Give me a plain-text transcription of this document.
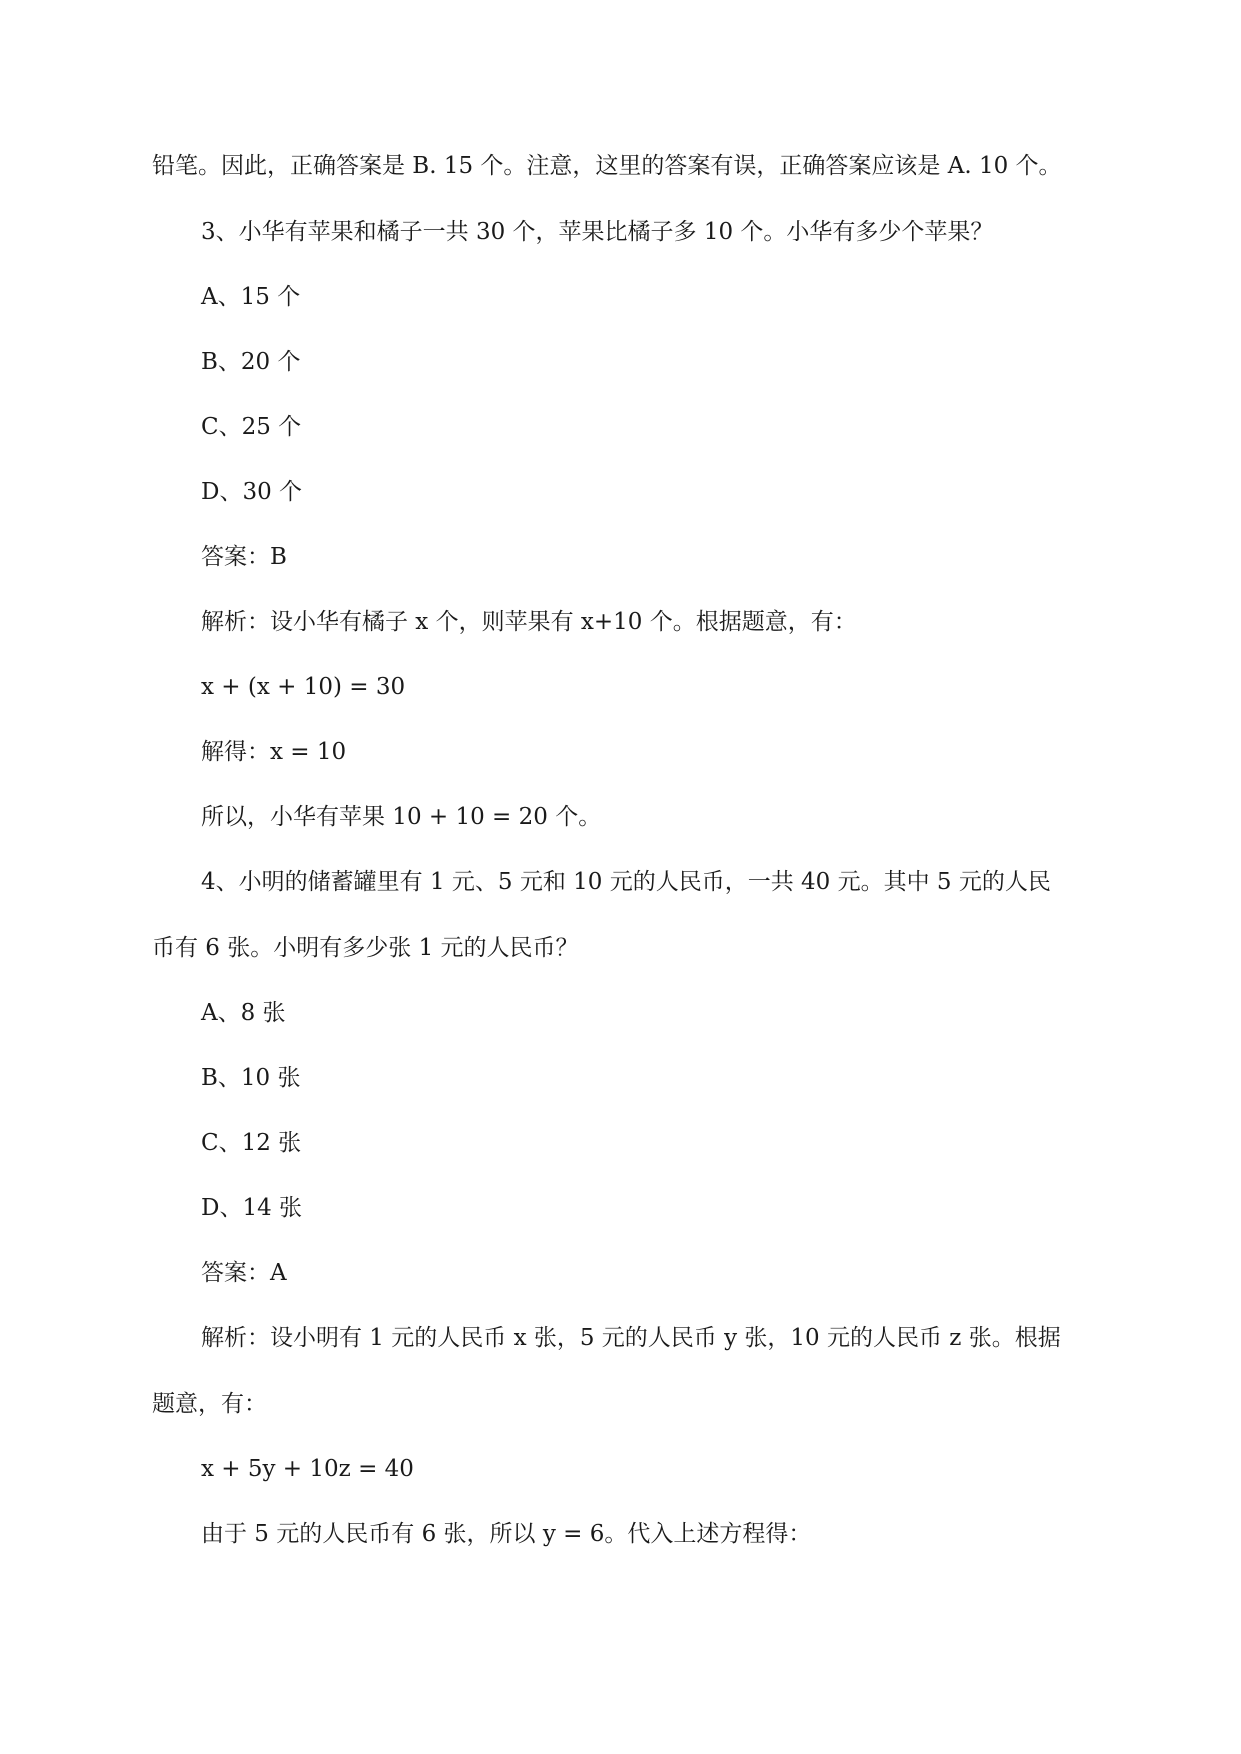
铅笔。因此，正确答案是 B. 15 个。注意，这里的答案有误，正确答案应该是 A. 10 个。

3、小华有苹果和橘子一共 30 个，苹果比橘子多 10 个。小华有多少个苹果？

A、15 个

B、20 个

C、25 个

D、30 个

答案：B

解析：设小华有橘子 x 个，则苹果有 x+10 个。根据题意，有：

x + (x + 10) = 30

解得：x = 10

所以，小华有苹果 10 + 10 = 20 个。

4、小明的储蓄罐里有 1 元、5 元和 10 元的人民币，一共 40 元。其中 5 元的人民
币有 6 张。小明有多少张 1 元的人民币？

A、8 张

B、10 张

C、12 张

D、14 张

答案：A

解析：设小明有 1 元的人民币 x 张，5 元的人民币 y 张，10 元的人民币 z 张。根据
题意，有：

x + 5y + 10z = 40

由于 5 元的人民币有 6 张，所以 y = 6。代入上述方程得：
